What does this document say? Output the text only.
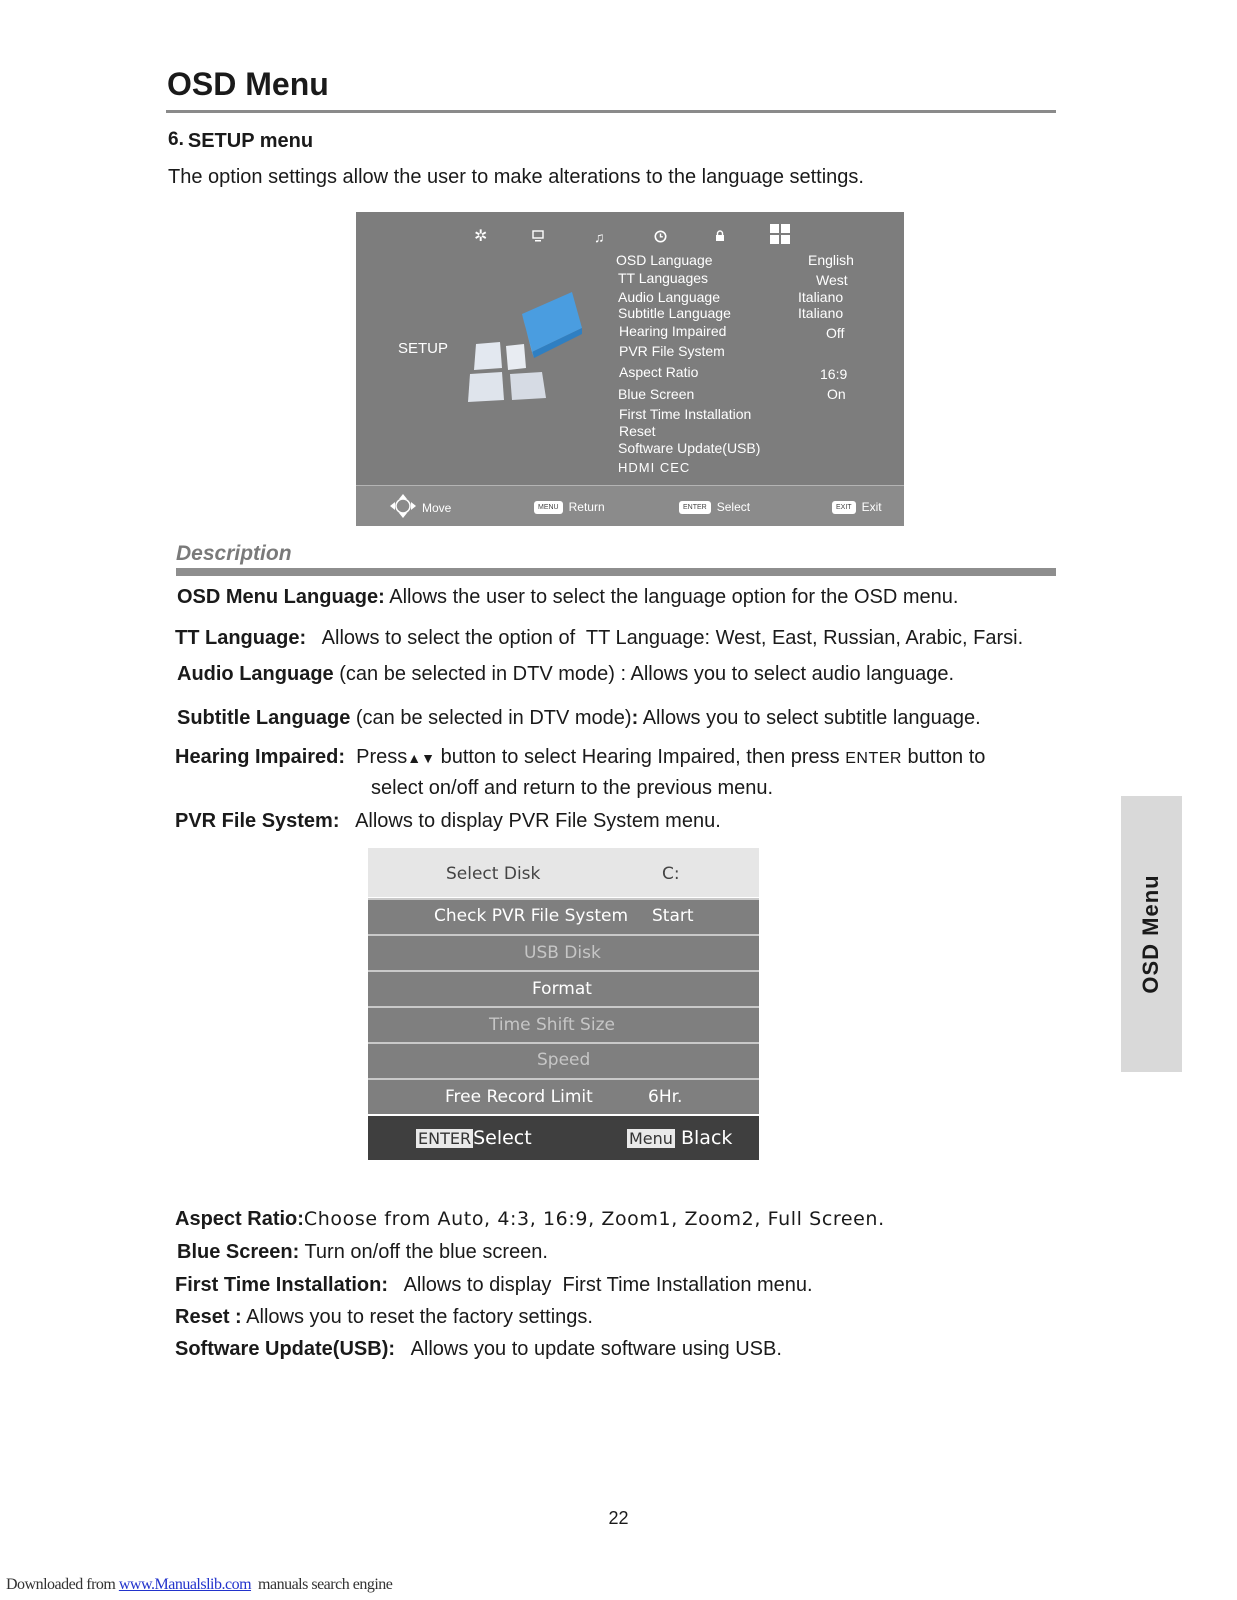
OSD Menu
6. SETUP menu
The option settings allow the user to make alterations to the language settings.
✲	♫
SETUP
OSD Language	English
TT Languages	West
Audio Language	Italiano
Subtitle Language	Italiano
Hearing Impaired	Off
PVR File System
Aspect Ratio	16:9
Blue Screen	On
First Time Installation
Reset
Software Update(USB)
HDMI CEC
Move	MENU Return	ENTER Select	EXIT Exit
Description
OSD Menu Language: Allows the user to select the language option for the OSD menu.
TT Language:   Allows to select the option of  TT Language: West, East, Russian, Arabic, Farsi.
Audio Language (can be selected in DTV mode) : Allows you to select audio language.
Subtitle Language (can be selected in DTV mode): Allows you to select subtitle language.
Hearing Impaired:  Press▲▼ button to select Hearing Impaired, then press ENTER button to
select on/off and return to the previous menu.
PVR File System:   Allows to display PVR File System menu.
Select Disk	C:
Check PVR File System Start
USB Disk
Format
Time Shift Size
Speed
Free Record Limit	6Hr.
ENTER Select	Menu Black
Aspect Ratio:Choose from Auto, 4:3, 16:9, Zoom1, Zoom2, Full Screen.
Blue Screen: Turn on/off the blue screen.
First Time Installation:   Allows to display  First Time Installation menu.
Reset : Allows you to reset the factory settings.
Software Update(USB):   Allows you to update software using USB.
OSD Menu
22
Downloaded from www.Manualslib.com  manuals search engine
